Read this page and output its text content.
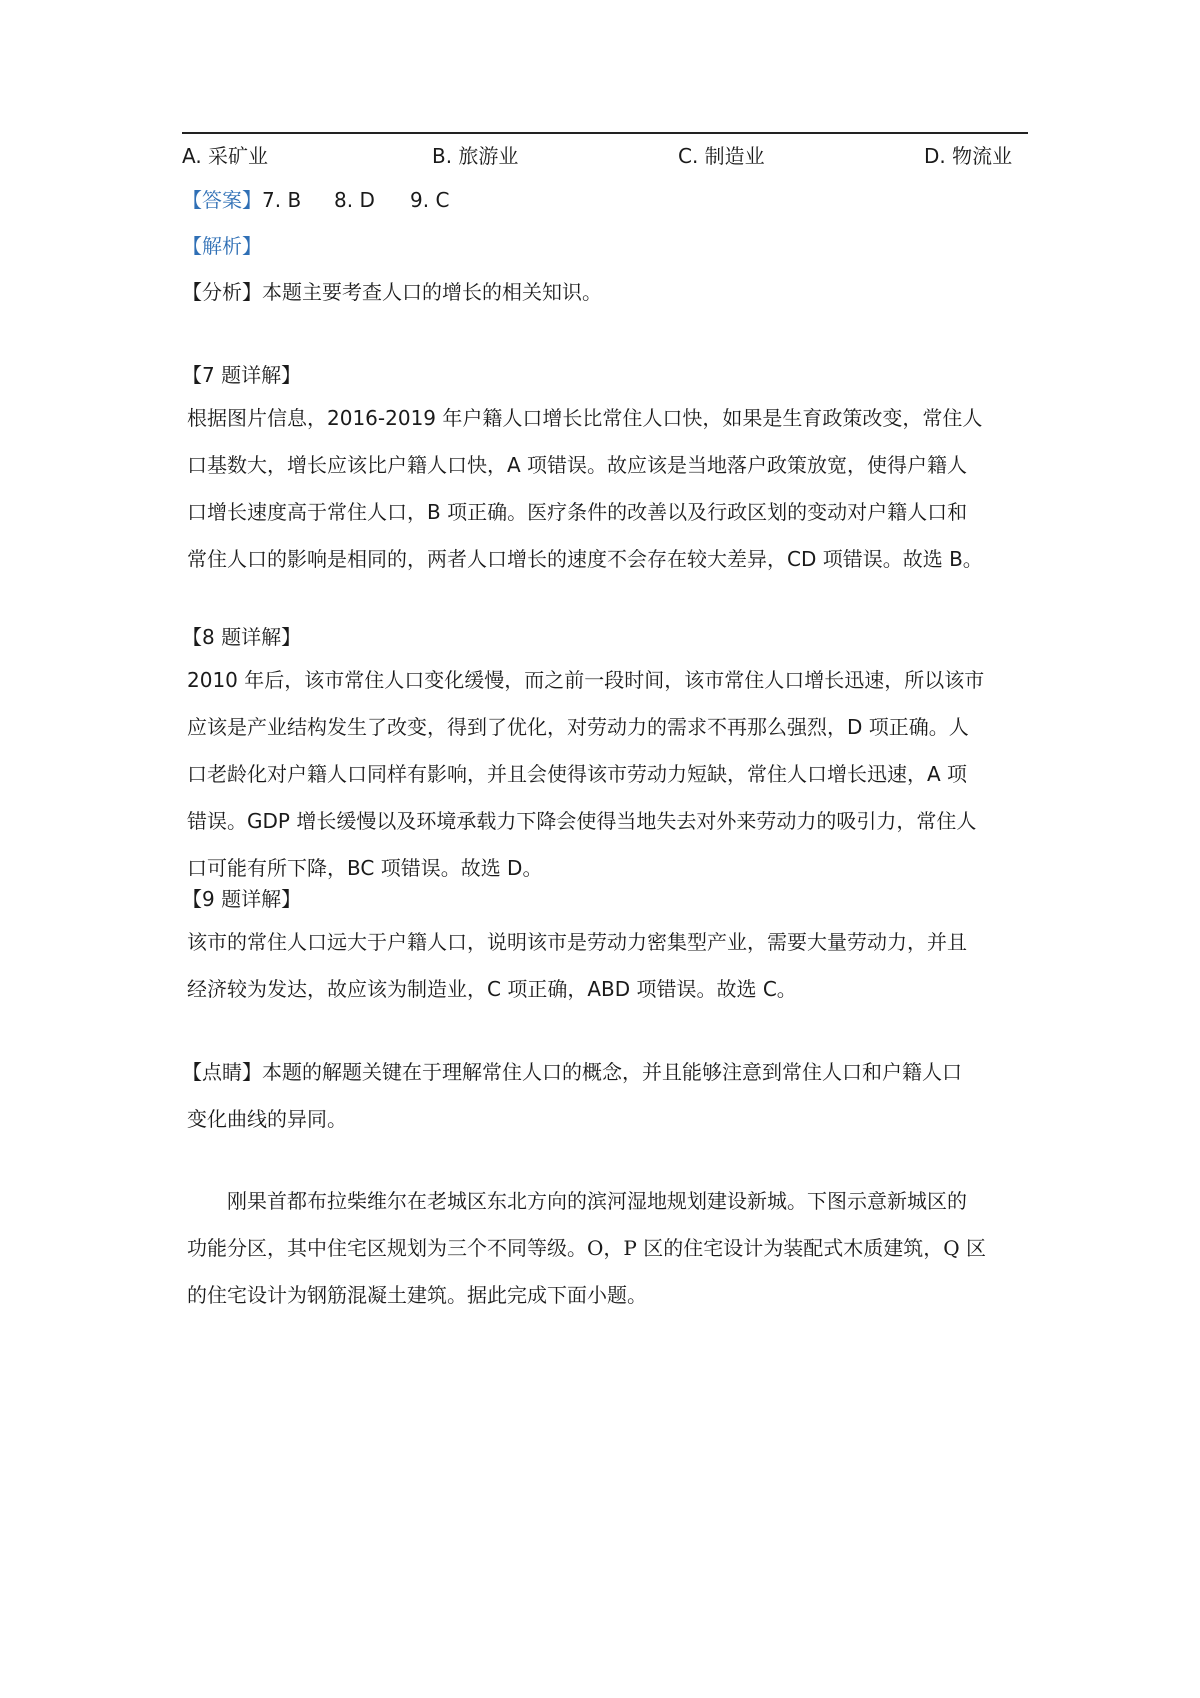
A. 采矿业	B. 旅游业	C. 制造业	D. 物流业
【答案】7. B 8. D 9. C
【解析】
【分析】本题主要考查人口的增长的相关知识。
【7 题详解】
根据图片信息，2016-2019 年户籍人口增长比常住人口快，如果是生育政策改变，常住人
口基数大，增长应该比户籍人口快，A 项错误。故应该是当地落户政策放宽，使得户籍人
口增长速度高于常住人口，B 项正确。医疗条件的改善以及行政区划的变动对户籍人口和
常住人口的影响是相同的，两者人口增长的速度不会存在较大差异，CD 项错误。故选 B。
【8 题详解】
2010 年后，该市常住人口变化缓慢，而之前一段时间，该市常住人口增长迅速，所以该市
应该是产业结构发生了改变，得到了优化，对劳动力的需求不再那么强烈，D 项正确。人
口老龄化对户籍人口同样有影响，并且会使得该市劳动力短缺，常住人口增长迅速，A 项
错误。GDP 增长缓慢以及环境承载力下降会使得当地失去对外来劳动力的吸引力，常住人
口可能有所下降，BC 项错误。故选 D。
【9 题详解】
该市的常住人口远大于户籍人口，说明该市是劳动力密集型产业，需要大量劳动力，并且
经济较为发达，故应该为制造业，C 项正确，ABD 项错误。故选 C。
【点睛】本题的解题关键在于理解常住人口的概念，并且能够注意到常住人口和户籍人口
变化曲线的异同。
刚果首都布拉柴维尔在老城区东北方向的滨河湿地规划建设新城。下图示意新城区的
功能分区，其中住宅区规划为三个不同等级。O，P 区的住宅设计为装配式木质建筑，Q 区
的住宅设计为钢筋混凝土建筑。据此完成下面小题。
